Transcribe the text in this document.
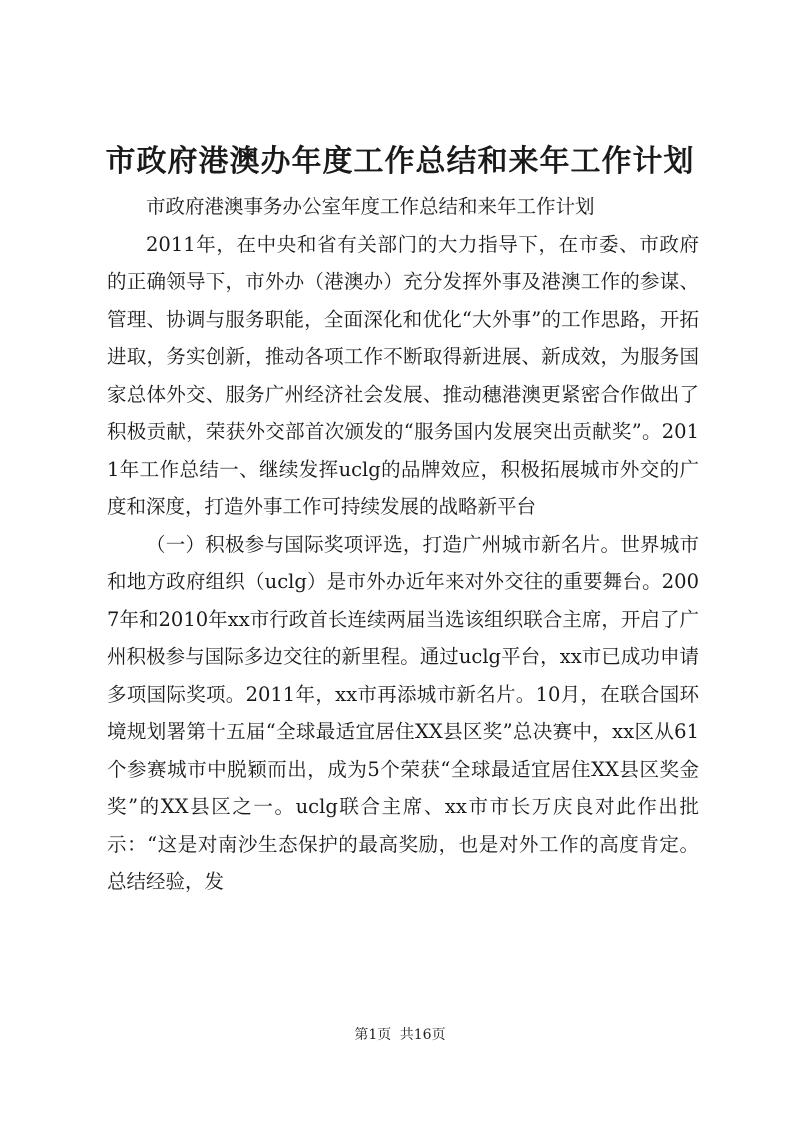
市政府港澳办年度工作总结和来年工作计划

市政府港澳事务办公室年度工作总结和来年工作计划

2011年，在中央和省有关部门的大力指导下，在市委、市政府的正确领导下，市外办（港澳办）充分发挥外事及港澳工作的参谋、管理、协调与服务职能，全面深化和优化“大外事”的工作思路，开拓进取，务实创新，推动各项工作不断取得新进展、新成效，为服务国家总体外交、服务广州经济社会发展、推动穗港澳更紧密合作做出了积极贡献，荣获外交部首次颁发的“服务国内发展突出贡献奖”。2011年工作总结一、继续发挥uclg的品牌效应，积极拓展城市外交的广度和深度，打造外事工作可持续发展的战略新平台

（一）积极参与国际奖项评选，打造广州城市新名片。世界城市和地方政府组织（uclg）是市外办近年来对外交往的重要舞台。2007年和2010年xx市行政首长连续两届当选该组织联合主席，开启了广州积极参与国际多边交往的新里程。通过uclg平台，xx市已成功申请多项国际奖项。2011年，xx市再添城市新名片。10月，在联合国环境规划署第十五届“全球最适宜居住XX县区奖”总决赛中，xx区从61个参赛城市中脱颖而出，成为5个荣获“全球最适宜居住XX县区奖金奖”的XX县区之一。uclg联合主席、xx市市长万庆良对此作出批示：“这是对南沙生态保护的最高奖励，也是对外工作的高度肯定。总结经验，发

第1页 共16页
